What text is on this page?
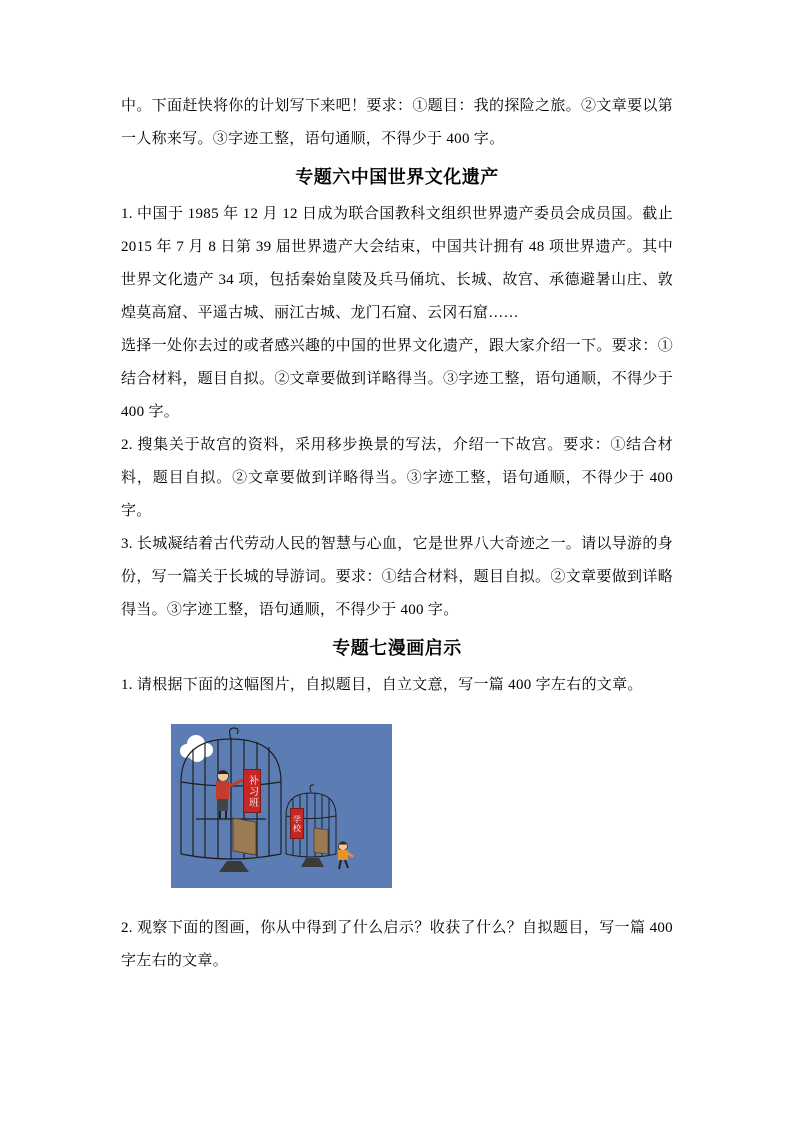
中。下面赶快将你的计划写下来吧！要求：①题目：我的探险之旅。②文章要以第一人称来写。③字迹工整，语句通顺，不得少于 400 字。

专题六中国世界文化遗产

1. 中国于 1985 年 12 月 12 日成为联合国教科文组织世界遗产委员会成员国。截止 2015 年 7 月 8 日第 39 届世界遗产大会结束，中国共计拥有 48 项世界遗产。其中世界文化遗产 34 项，包括秦始皇陵及兵马俑坑、长城、故宫、承德避暑山庄、敦煌莫高窟、平遥古城、丽江古城、龙门石窟、云冈石窟……

选择一处你去过的或者感兴趣的中国的世界文化遗产，跟大家介绍一下。要求：①结合材料，题目自拟。②文章要做到详略得当。③字迹工整，语句通顺，不得少于 400 字。

2. 搜集关于故宫的资料，采用移步换景的写法，介绍一下故宫。要求：①结合材料，题目自拟。②文章要做到详略得当。③字迹工整，语句通顺，不得少于 400 字。

3. 长城凝结着古代劳动人民的智慧与心血，它是世界八大奇迹之一。请以导游的身份，写一篇关于长城的导游词。要求：①结合材料，题目自拟。②文章要做到详略得当。③字迹工整，语句通顺，不得少于 400 字。

专题七漫画启示

1. 请根据下面的这幅图片，自拟题目，自立文意，写一篇 400 字左右的文章。

补习班
学校

2. 观察下面的图画，你从中得到了什么启示？收获了什么？自拟题目，写一篇 400 字左右的文章。
